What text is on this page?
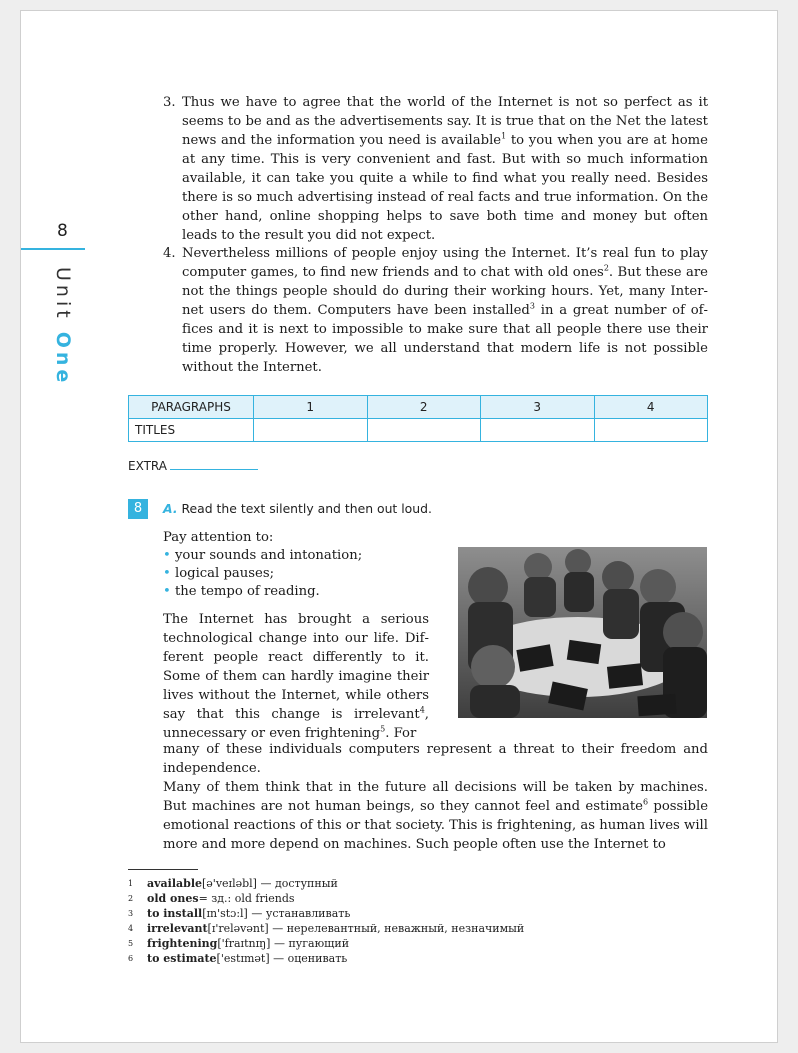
8
Unit One
3. Thus we have to agree that the world of the Internet is not so perfect as it seems to be and as the advertisements say. It is true that on the Net the latest news and the information you need is available$^1$ to you when you are at home at any time. This is very convenient and fast. But with so much information available, it can take you quite a while to find what you really need. Besides there is so much advertising instead of real facts and true information. On the other hand, online shopping helps to save both time and money but often leads to the result you did not expect.
4. Nevertheless millions of people enjoy using the Internet. It’s real fun to play computer games, to find new friends and to chat with old ones$^2$. But these are not the things people should do during their working hours. Yet, many Internet users do them. Computers have been installed$^3$ in a great number of offices and it is next to impossible to make sure that all people there use their time properly. However, we all understand that modern life is not possible without the Internet.
PARAGRAPHS	1	2	3	4
TITLES				
EXTRA
8	A. Read the text silently and then out loud.
Pay attention to:
• your sounds and intonation;
• logical pauses;
• the tempo of reading.
The Internet has brought a serious technological change into our life. Different people react differently to it. Some of them can hardly imagine their lives without the Internet, while others say that this change is irrelevant$^4$, unnecessary or even frightening$^5$. For
many of these individuals computers represent a threat to their freedom and independence.
Many of them think that in the future all decisions will be taken by machines. But machines are not human beings, so they cannot feel and estimate$^6$ possible emotional reactions of this or that society. This is frightening, as human lives will more and more depend on machines. Such people often use the Internet to
1	available [ə'veɪləbl] — доступный
2	old ones = зд.: old friends
3	to install [ɪn'stɔ:l] — устанавливать
4	irrelevant [ɪ'reləvənt] — нерелевантный, неважный, незначимый
5	frightening ['fraɪtnɪŋ] — пугающий
6	to estimate ['estɪmət] — оценивать
